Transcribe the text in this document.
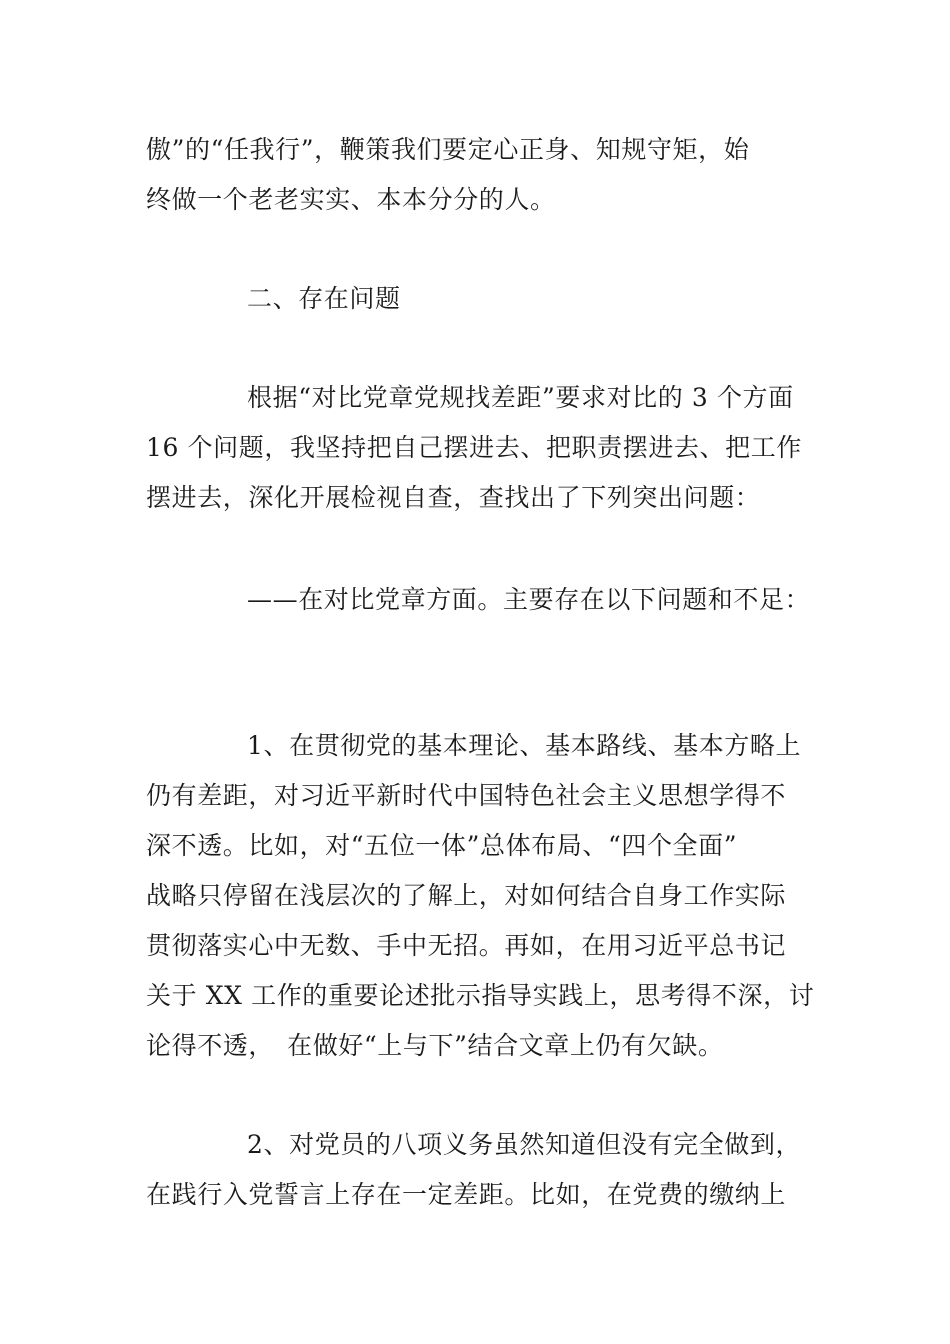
傲”的“任我行”，鞭策我们要定心正身、知规守矩，始
终做一个老老实实、本本分分的人。
二、存在问题
根据“对比党章党规找差距”要求对比的 3 个方面
16 个问题，我坚持把自己摆进去、把职责摆进去、把工作
摆进去，深化开展检视自查，查找出了下列突出问题：
——在对比党章方面。主要存在以下问题和不足：
1、在贯彻党的基本理论、基本路线、基本方略上
仍有差距，对习近平新时代中国特色社会主义思想学得不
深不透。比如，对“五位一体”总体布局、“四个全面”
战略只停留在浅层次的了解上，对如何结合自身工作实际
贯彻落实心中无数、手中无招。再如，在用习近平总书记
关于 XX 工作的重要论述批示指导实践上，思考得不深，讨
论得不透，　在做好“上与下”结合文章上仍有欠缺。
2、对党员的八项义务虽然知道但没有完全做到，
在践行入党誓言上存在一定差距。比如，在党费的缴纳上
